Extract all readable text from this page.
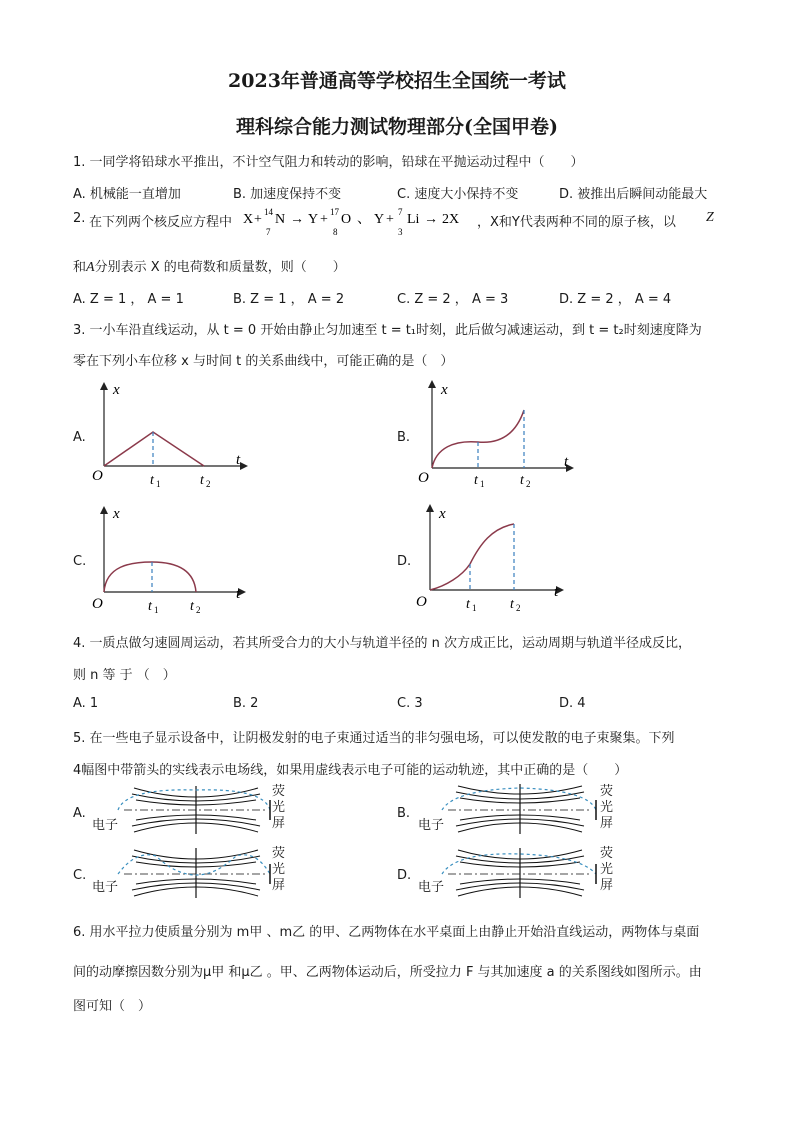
2023年普通高等学校招生全国统一考试
理科综合能力测试物理部分(全国甲卷)
1. 一同学将铅球水平推出，不计空气阻力和转动的影响，铅球在平抛运动过程中（　　）
A. 机械能一直增加	B. 加速度保持不变	C. 速度大小保持不变	D. 被推出后瞬间动能最大
2. 在下列两个核反应方程中 X + 14
7
N → Y + 17
8
O 、 Y + 7
3
Li → 2X ，X和Y代表两种不同的原子核，以 Z
和A分别表示 X 的电荷数和质量数，则（　　）
A. Z = 1 ， A = 1	B. Z = 1 ， A = 2	C. Z = 2 ， A = 3	D. Z = 2 ， A = 4
3. 一小车沿直线运动，从 t = 0 开始由静止匀加速至 t = t₁时刻，此后做匀减速运动，到 t = t₂时刻速度降为
零在下列小车位移 x 与时间 t 的关系曲线中，可能正确的是（　）
A.
x
t
O	t 1	t 2
B.
x
t
O	t 1	t 2
C.
x
t
O	t 1 t 2
D.
x
t
O	t 1 t 2
4. 一质点做匀速圆周运动，若其所受合力的大小与轨道半径的 n 次方成正比，运动周期与轨道半径成反比，
则 n 等 于 （　）
A. 1	B. 2	C. 3	D. 4
5. 在一些电子显示设备中，让阴极发射的电子束通过适当的非匀强电场，可以使发散的电子束聚集。下列
4幅图中带箭头的实线表示电场线，如果用虚线表示电子可能的运动轨迹，其中正确的是（　　）
A.
电子
荧光屏
B.
电子
荧光屏
C.
电子
荧光屏
D.
电子
荧光屏
6. 用水平拉力使质量分别为 m甲 、m乙 的甲、乙两物体在水平桌面上由静止开始沿直线运动，两物体与桌面
间的动摩擦因数分别为μ甲 和μ乙 。甲、乙两物体运动后，所受拉力 F 与其加速度 a 的关系图线如图所示。由
图可知（　）
